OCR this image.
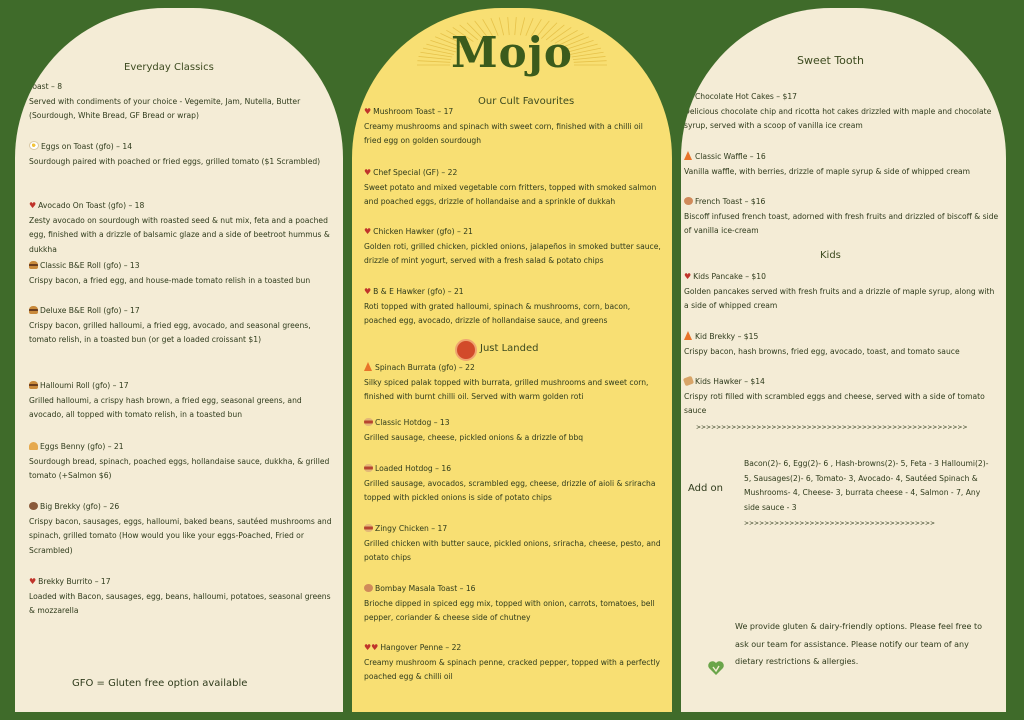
Everyday Classics
Toast – 8
Served with condiments of your choice - Vegemite, Jam, Nutella, Butter (Sourdough, White Bread, GF Bread or wrap)
Eggs on Toast (gfo) – 14
Sourdough paired with poached or fried eggs, grilled tomato ($1 Scrambled)
♥ Avocado On Toast (gfo) – 18
Zesty avocado on sourdough with roasted seed & nut mix, feta and a poached egg, finished with a drizzle of balsamic glaze and a side of beetroot hummus & dukkha
Classic B&E Roll (gfo) – 13
Crispy bacon, a fried egg, and house-made tomato relish in a toasted bun
Deluxe B&E Roll (gfo) – 17
Crispy bacon, grilled halloumi, a fried egg, avocado, and seasonal greens, tomato relish, in a toasted bun (or get a loaded croissant $1)
Halloumi Roll (gfo) – 17
Grilled halloumi, a crispy hash brown, a fried egg, seasonal greens, and avocado, all topped with tomato relish, in a toasted bun
Eggs Benny (gfo) – 21
Sourdough bread, spinach, poached eggs, hollandaise sauce, dukkha, & grilled tomato (+Salmon $6)
Big Brekky (gfo) – 26
Crispy bacon, sausages, eggs, halloumi, baked beans, sautéed mushrooms and spinach, grilled tomato (How would you like your eggs-Poached, Fried or Scrambled)
♥ Brekky Burrito – 17
Loaded with Bacon, sausages, egg, beans, halloumi, potatoes, seasonal greens & mozzarella
GFO = Gluten free option available
Mojo
Our Cult Favourites
♥ Mushroom Toast – 17
Creamy mushrooms and spinach with sweet corn, finished with a chilli oil fried egg on golden sourdough
♥ Chef Special (GF) – 22
Sweet potato and mixed vegetable corn fritters, topped with smoked salmon and poached eggs, drizzle of hollandaise and a sprinkle of dukkah
♥ Chicken Hawker (gfo) – 21
Golden roti, grilled chicken, pickled onions, jalapeños in smoked butter sauce, drizzle of mint yogurt, served with a fresh salad & potato chips
♥ B & E Hawker (gfo) – 21
Roti topped with grated halloumi, spinach & mushrooms, corn, bacon, poached egg, avocado, drizzle of hollandaise sauce, and greens
Just Landed
Spinach Burrata (gfo) – 22
Silky spiced palak topped with burrata, grilled mushrooms and sweet corn, finished with burnt chilli oil. Served with warm golden roti
Classic Hotdog – 13
Grilled sausage, cheese, pickled onions & a drizzle of bbq
Loaded Hotdog – 16
Grilled sausage, avocados, scrambled egg, cheese, drizzle of aioli & sriracha topped with pickled onions is side of potato chips
Zingy Chicken – 17
Grilled chicken with butter sauce, pickled onions, sriracha, cheese, pesto, and potato chips
Bombay Masala Toast – 16
Brioche dipped in spiced egg mix, topped with onion, carrots, tomatoes, bell pepper, coriander & cheese side of chutney
♥♥ Hangover Penne – 22
Creamy mushroom & spinach penne, cracked pepper, topped with a perfectly poached egg & chilli oil
Sweet Tooth
Chocolate Hot Cakes – $17
Delicious chocolate chip and ricotta hot cakes drizzled with maple and chocolate syrup, served with a scoop of vanilla ice cream
Classic Waffle – 16
Vanilla waffle, with berries, drizzle of maple syrup & side of whipped cream
French Toast – $16
Biscoff infused french toast, adorned with fresh fruits and drizzled of biscoff & side of vanilla ice-cream
Kids
♥ Kids Pancake – $10
Golden pancakes served with fresh fruits and a drizzle of maple syrup, along with a side of whipped cream
Kid Brekky – $15
Crispy bacon, hash browns, fried egg, avocado, toast, and tomato sauce
Kids Hawker – $14
Crispy roti filled with scrambled eggs and cheese, served with a side of tomato sauce
>>>>>>>>>>>>>>>>>>>>>>>>>>>>>>>>>>>>>>>>>>>>>>>>>>>>>>
Add on
Bacon(2)- 6, Egg(2)- 6 , Hash-browns(2)- 5, Feta - 3 Halloumi(2)- 5, Sausages(2)- 6, Tomato- 3, Avocado- 4, Sautéed Spinach & Mushrooms- 4, Cheese- 3, burrata cheese - 4, Salmon - 7, Any side sauce - 3
>>>>>>>>>>>>>>>>>>>>>>>>>>>>>>>>>>>>>>
We provide gluten & dairy-friendly options. Please feel free to ask our team for assistance. Please notify our team of any dietary restrictions & allergies.
